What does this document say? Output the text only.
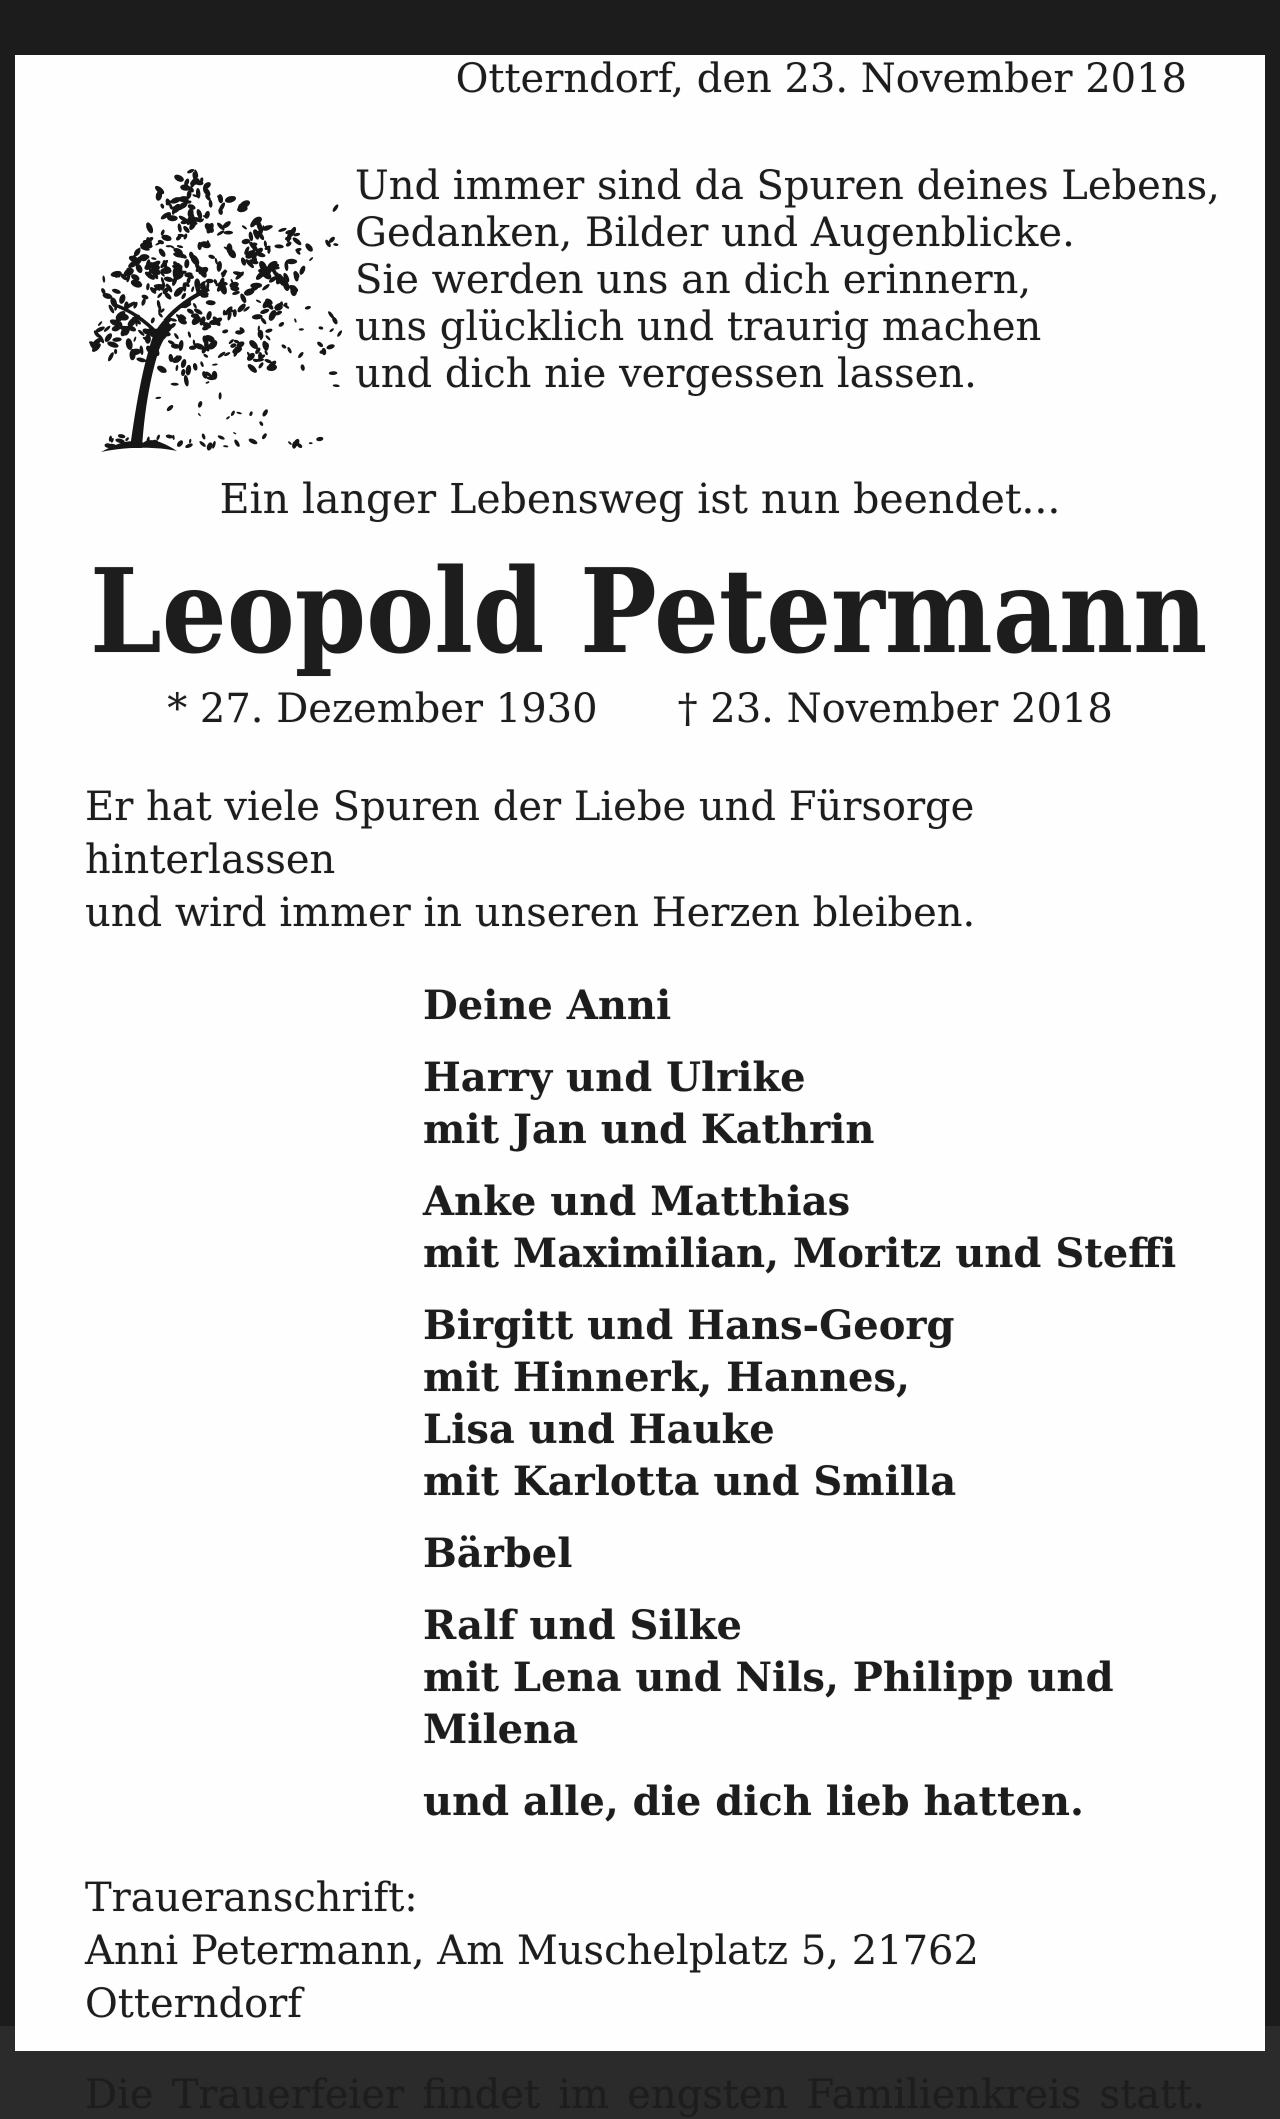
Otterndorf, den 23. November 2018
Und immer sind da Spuren deines Lebens,
Gedanken, Bilder und Augenblicke.
Sie werden uns an dich erinnern,
uns glücklich und traurig machen
und dich nie vergessen lassen.
Ein langer Lebensweg ist nun beendet...
Leopold Petermann
* 27. Dezember 1930 † 23. November 2018
Er hat viele Spuren der Liebe und Fürsorge hinterlassen
und wird immer in unseren Herzen bleiben.
Deine Anni
Harry und Ulrike
mit Jan und Kathrin
Anke und Matthias
mit Maximilian, Moritz und Steffi
Birgitt und Hans-Georg
mit Hinnerk, Hannes,
Lisa und Hauke
mit Karlotta und Smilla
Bärbel
Ralf und Silke
mit Lena und Nils, Philipp und Milena
und alle, die dich lieb hatten.
Traueranschrift:
Anni Petermann, Am Muschelplatz 5, 21762 Otterndorf
Die Trauerfeier findet im engsten Familienkreis statt.
